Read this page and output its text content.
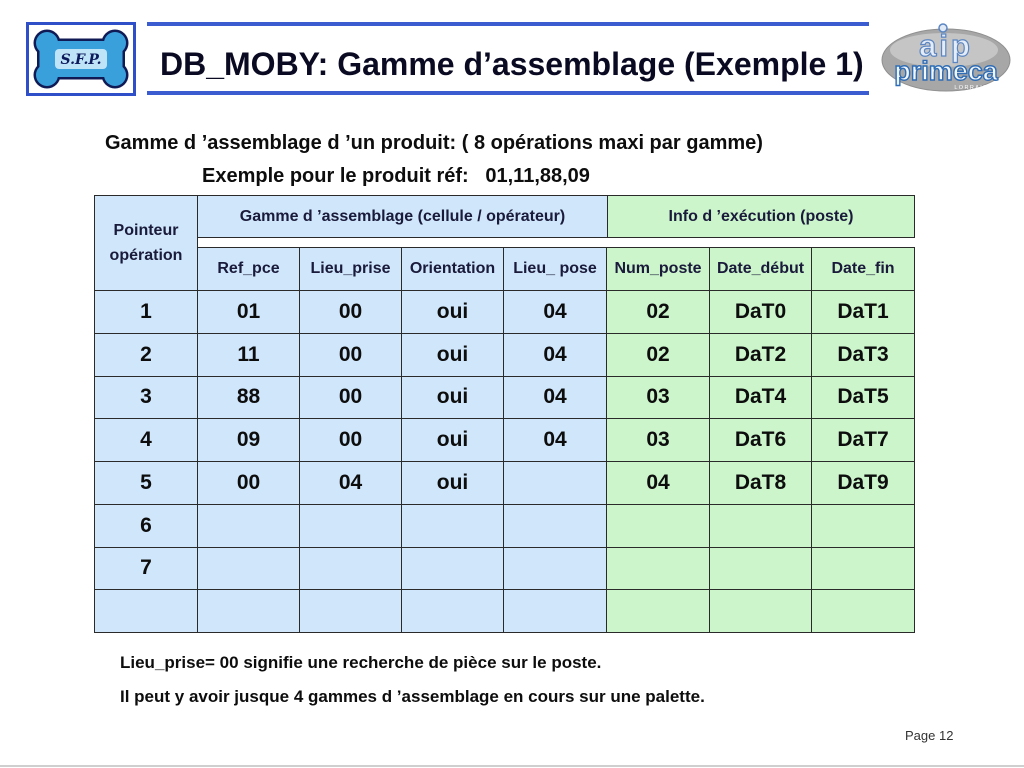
S.F.P. DB_MOBY: Gamme d’assemblage (Exemple 1)
aip
primeca
LORRAINE
Gamme d ’assemblage d ’un produit: ( 8 opérations maxi par gamme)
Exemple pour le produit réf:   01,11,88,09
Pointeur
opération
Gamme d ’assemblage (cellule / opérateur)	Info d ’exécution (poste)
Ref_pce	Lieu_prise	Orientation	Lieu_ pose	Num_poste	Date_début	Date_fin
1	01	00	oui	04	02	DaT0	DaT1
2	11	00	oui	04	02	DaT2	DaT3
3	88	00	oui	04	03	DaT4	DaT5
4	09	00	oui	04	03	DaT6	DaT7
5	00	04	oui		04	DaT8	DaT9
6							
7							

Lieu_prise= 00 signifie une recherche de pièce sur le poste.
Il peut y avoir jusque 4 gammes d ’assemblage en cours sur une palette.
Page 12
